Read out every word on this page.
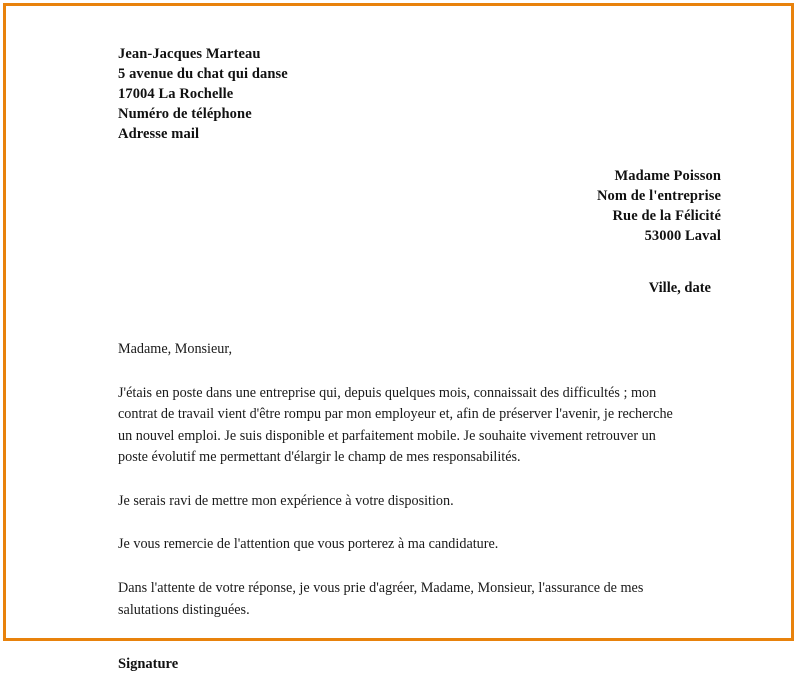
Jean-Jacques Marteau
5 avenue du chat qui danse
17004 La Rochelle
Numéro de téléphone
Adresse mail
Madame Poisson
Nom de l'entreprise
Rue de la Félicité
53000 Laval
Ville, date

Madame, Monsieur,

J'étais en poste dans une entreprise qui, depuis quelques mois, connaissait des difficultés ; mon contrat de travail vient d'être rompu par mon employeur et, afin de préserver l'avenir, je recherche un nouvel emploi. Je suis disponible et parfaitement mobile. Je souhaite vivement retrouver un poste évolutif me permettant d'élargir le champ de mes responsabilités.

Je serais ravi de mettre mon expérience à votre disposition.

Je vous remercie de l'attention que vous porterez à ma candidature.

Dans l'attente de votre réponse, je vous prie d'agréer, Madame, Monsieur, l'assurance de mes salutations distinguées.

Signature
